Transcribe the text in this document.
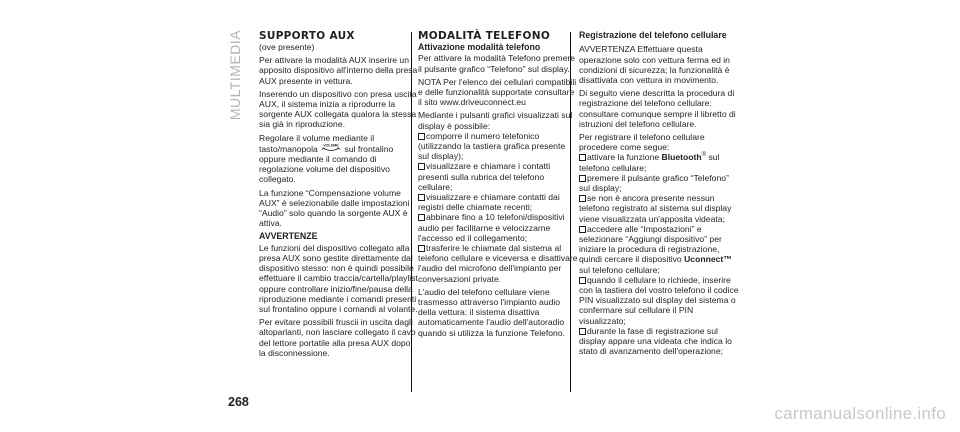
MULTIMEDIA SUPPORTO AUX

(ove presente)

Per attivare la modalità AUX inserire un apposito dispositivo all'interno della presa AUX presente in vettura.

Inserendo un dispositivo con presa uscita AUX, il sistema inizia a riprodurre la sorgente AUX collegata qualora la stessa sia già in riproduzione.

Regolare il volume mediante il tasto/manopola VOLUME sul frontalino oppure mediante il comando di regolazione volume del dispositivo collegato.

La funzione “Compensazione volume AUX” è selezionabile dalle impostazioni “Audio” solo quando la sorgente AUX è attiva.

AVVERTENZE

Le funzioni del dispositivo collegato alla presa AUX sono gestite direttamente dal dispositivo stesso: non è quindi possibile effettuare il cambio traccia/cartella/playlist oppure controllare inizio/fine/pausa della riproduzione mediante i comandi presenti sul frontalino oppure i comandi al volante.

Per evitare possibili fruscii in uscita dagli altoparlanti, non lasciare collegato il cavo del lettore portatile alla presa AUX dopo la disconnessione.

MODALITÀ TELEFONO
Attivazione modalità telefono

Per attivare la modalità Telefono premere il pulsante grafico “Telefono” sul display.

NOTA Per l'elenco dei cellulari compatibili e delle funzionalità supportate consultare il sito www.driveuconnect.eu

Mediante i pulsanti grafici visualizzati sul display è possibile:
comporre il numero telefonico (utilizzando la tastiera grafica presente sul display);
visualizzare e chiamare i contatti presenti sulla rubrica del telefono cellulare;
visualizzare e chiamare contatti dai registri delle chiamate recenti;
abbinare fino a 10 telefoni/dispositivi audio per facilitarne e velocizzarne l'accesso ed il collegamento;
trasferire le chiamate dal sistema al telefono cellulare e viceversa e disattivare l'audio del microfono dell'impianto per conversazioni private.

L'audio del telefono cellulare viene trasmesso attraverso l'impianto audio della vettura: il sistema disattiva automaticamente l'audio dell'autoradio quando si utilizza la funzione Telefono.

Registrazione del telefono cellulare

AVVERTENZA Effettuare questa operazione solo con vettura ferma ed in condizioni di sicurezza; la funzionalità è disattivata con vettura in movimento.

Di seguito viene descritta la procedura di registrazione del telefono cellulare: consultare comunque sempre il libretto di istruzioni del telefono cellulare.

Per registrare il telefono cellulare procedere come segue:
attivare la funzione Bluetooth® sul telefono cellulare;
premere il pulsante grafico “Telefono” sul display;
se non è ancora presente nessun telefono registrato al sistema sul display viene visualizzata un'apposita videata;
accedere alle “Impostazioni” e selezionare “Aggiungi dispositivo” per iniziare la procedura di registrazione, quindi cercare il dispositivo Uconnect™ sul telefono cellulare;
quando il cellulare lo richiede, inserire con la tastiera del vostro telefono il codice PIN visualizzato sul display del sistema o confermare sul cellulare il PIN visualizzato;
durante la fase di registrazione sul display appare una videata che indica lo stato di avanzamento dell'operazione;

268
carmanualsonline.info
